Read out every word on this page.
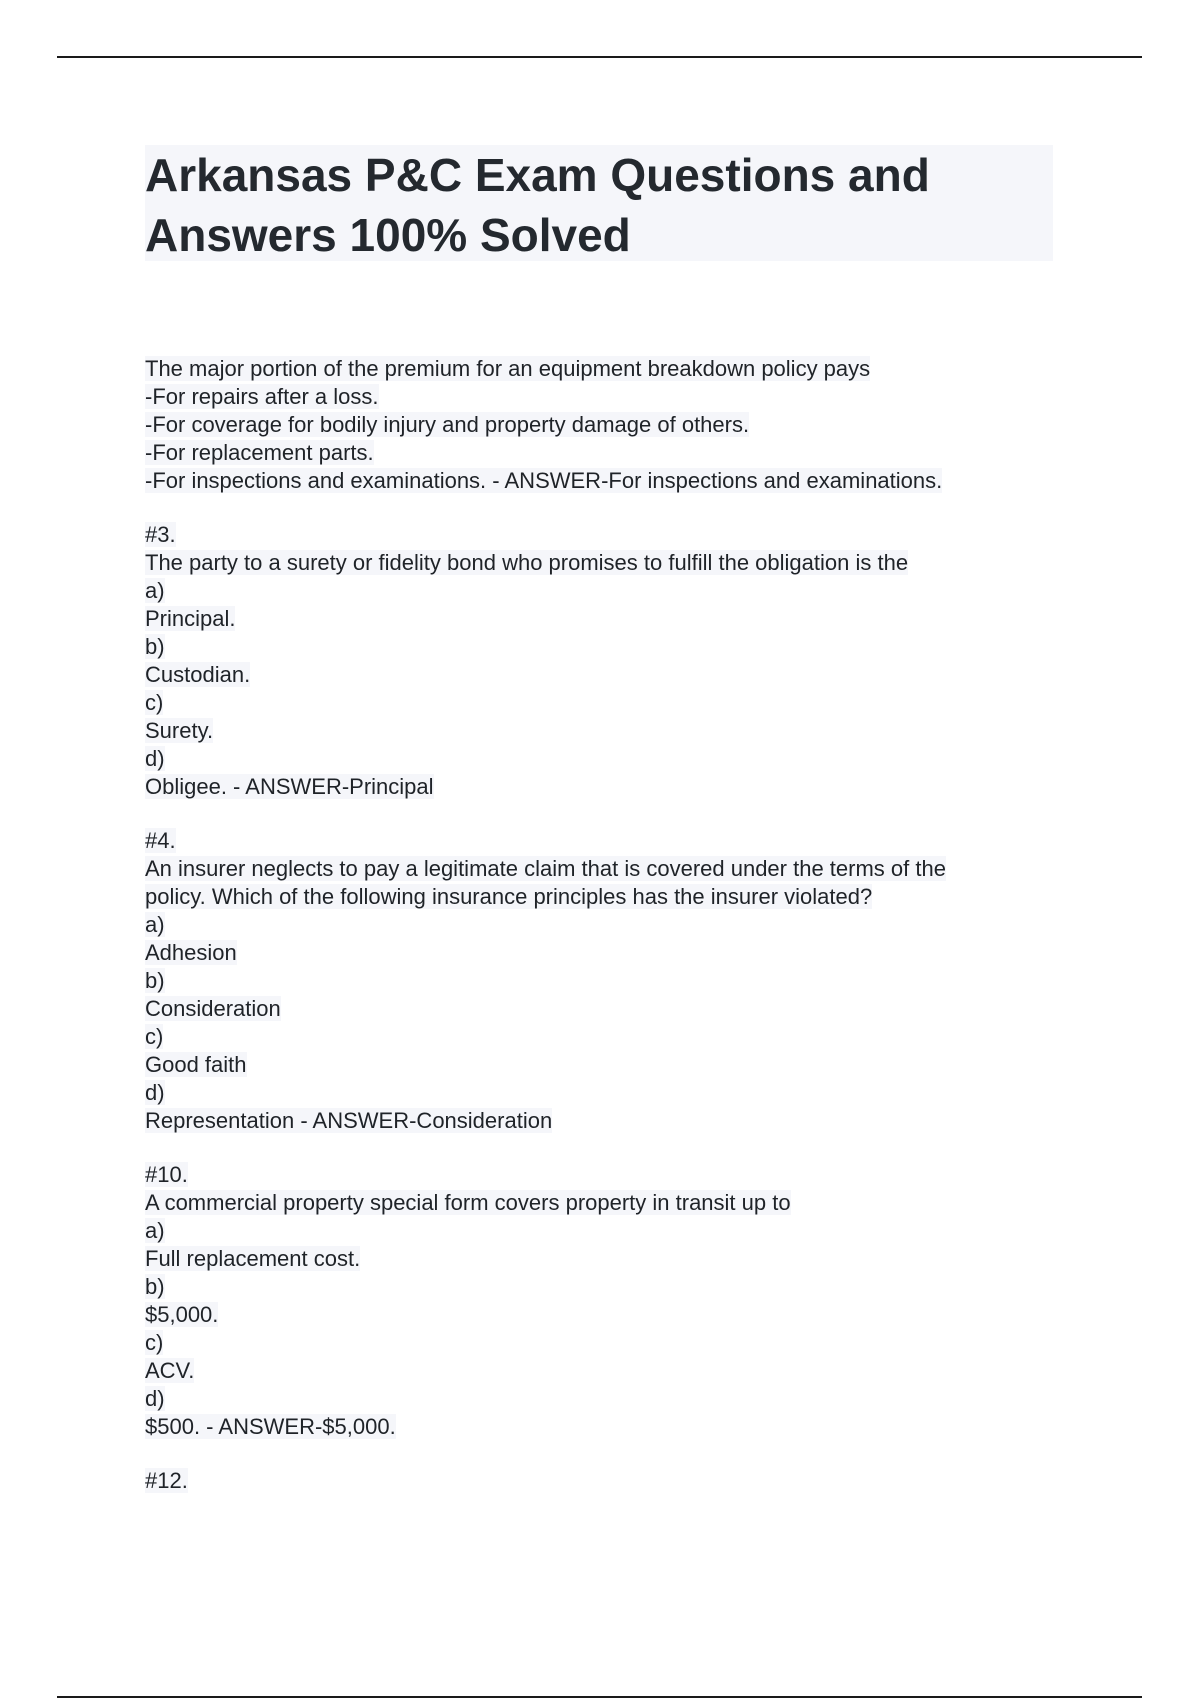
Arkansas P&C Exam Questions and
Answers 100% Solved
The major portion of the premium for an equipment breakdown policy pays
-For repairs after a loss.
-For coverage for bodily injury and property damage of others.
-For replacement parts.
-For inspections and examinations. - ANSWER-For inspections and examinations.
#3.
The party to a surety or fidelity bond who promises to fulfill the obligation is the
a)
Principal.
b)
Custodian.
c)
Surety.
d)
Obligee. - ANSWER-Principal
#4.
An insurer neglects to pay a legitimate claim that is covered under the terms of the
policy. Which of the following insurance principles has the insurer violated?
a)
Adhesion
b)
Consideration
c)
Good faith
d)
Representation - ANSWER-Consideration
#10.
A commercial property special form covers property in transit up to
a)
Full replacement cost.
b)
$5,000.
c)
ACV.
d)
$500. - ANSWER-$5,000.
#12.
